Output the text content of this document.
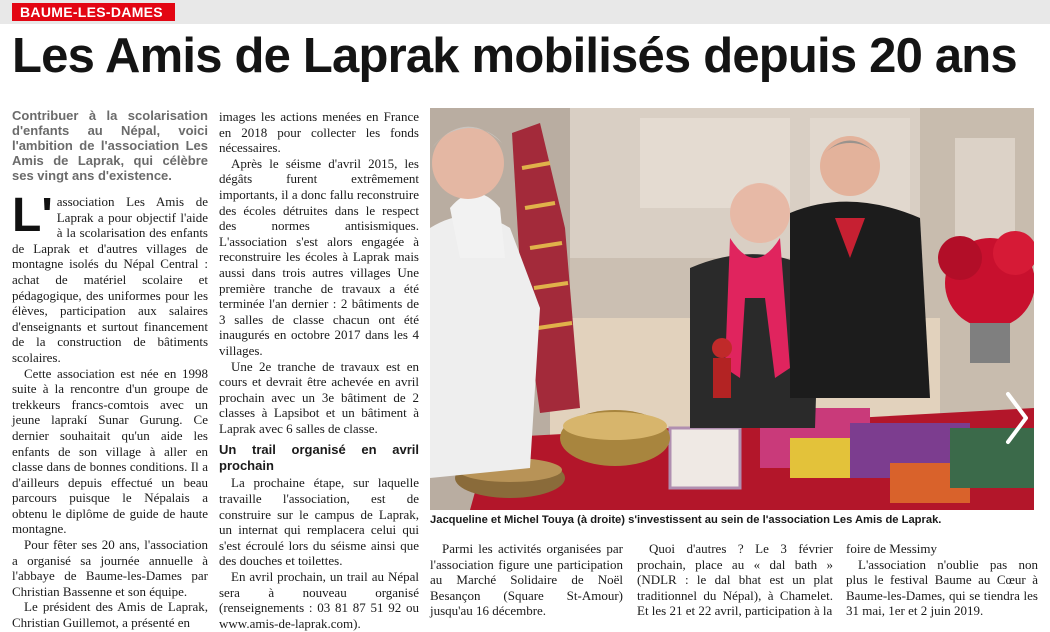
BAUME-LES-DAMES
Les Amis de Laprak mobilisés depuis 20 ans

Contribuer à la scolarisation d'enfants au Népal, voici l'ambition de l'association Les Amis de Laprak, qui célèbre ses vingt ans d'existence.

L' association Les Amis de Laprak a pour objectif l'aide à la scolarisation des enfants de Laprak et d'autres villages de montagne isolés du Népal Central : achat de matériel scolaire et pédagogique, des uniformes pour les élèves, participation aux salaires d'enseignants et surtout financement de la construction de bâtiments scolaires.

Cette association est née en 1998 suite à la rencontre d'un groupe de trekkeurs francs-comtois avec un jeune laprakí Sunar Gurung. Ce dernier souhaitait qu'un aide les enfants de son village à aller en classe dans de bonnes conditions. Il a d'ailleurs depuis effectué un beau parcours puisque le Népalais a obtenu le diplôme de guide de haute montagne.

Pour fêter ses 20 ans, l'association a organisé sa journée annuelle à l'abbaye de Baume-les-Dames par Christian Bassenne et son équipe.

Le président des Amis de Laprak, Christian Guillemot, a présenté en

images les actions menées en France en 2018 pour collecter les fonds nécessaires.

Après le séisme d'avril 2015, les dégâts furent extrêmement importants, il a donc fallu reconstruire des écoles détruites dans le respect des normes antisismiques. L'association s'est alors engagée à reconstruire les écoles à Laprak mais aussi dans trois autres villages Une première tranche de travaux a été terminée l'an dernier : 2 bâtiments de 3 salles de classe chacun ont été inaugurés en octobre 2017 dans les 4 villages.

Une 2e tranche de travaux est en cours et devrait être achevée en avril prochain avec un 3e bâtiment de 2 classes à Lapsibot et un bâtiment à Laprak avec 6 salles de classe.

Un trail organisé en avril prochain

La prochaine étape, sur laquelle travaille l'association, est de construire sur le campus de Laprak, un internat qui remplacera celui qui s'est écroulé lors du séisme ainsi que des douches et toilettes.

En avril prochain, un trail au Népal sera à nouveau organisé (renseignements : 03 81 87 51 92 ou www.amis-de-laprak.com).

Jacqueline et Michel Touya (à droite) s'investissent au sein de l'association Les Amis de Laprak.

Parmi les activités organisées par l'association figure une participation au Marché Solidaire de Noël Besançon (Square St-Amour) jusqu'au 16 décembre.

Quoi d'autres ? Le 3 février prochain, place au « dal bath » (NDLR : le dal bhat est un plat traditionnel du Népal), à Chamelet. Et les 21 et 22 avril, participation à la

foire de Messimy

L'association n'oublie pas non plus le festival Baume au Cœur à Baume-les-Dames, qui se tiendra les 31 mai, 1er et 2 juin 2019.
